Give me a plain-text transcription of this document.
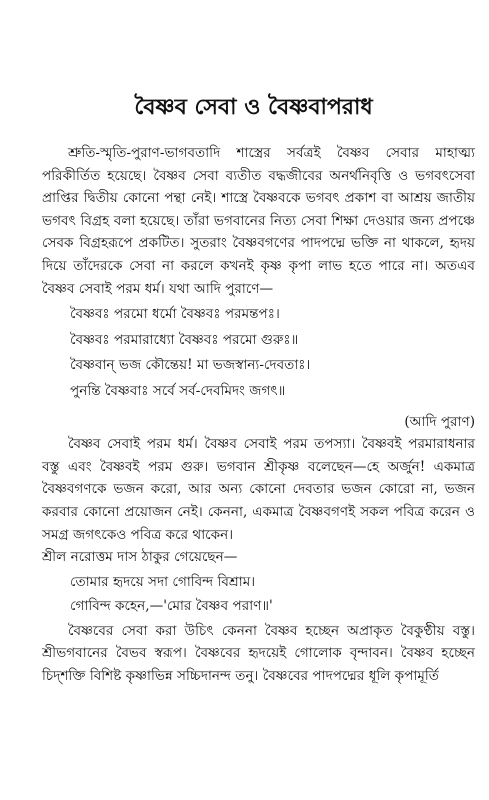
বৈষ্ণব সেবা ও বৈষ্ণবাপরাধ

শ্রুতি-স্মৃতি-পুরাণ-ভাগবতাদি শাস্ত্রের সর্বত্রই বৈষ্ণব সেবার মাহাত্ম্য পরিকীর্তিত হয়েছে। বৈষ্ণব সেবা ব্যতীত বদ্ধজীবের অনর্থনিবৃত্তি ও ভগবৎসেবা প্রাপ্তির দ্বিতীয় কোনো পন্থা নেই। শাস্ত্রে বৈষ্ণবকে ভগবৎ প্রকাশ বা আশ্রয় জাতীয় ভগবৎ বিগ্রহ বলা হয়েছে। তাঁরা ভগবানের নিত্য সেবা শিক্ষা দেওয়ার জন্য প্রপঞ্চে সেবক বিগ্রহরূপে প্রকটিত। সুতরাং বৈষ্ণবগণের পাদপদ্মে ভক্তি না থাকলে, হৃদয় দিয়ে তাঁদেরকে সেবা না করলে কখনই কৃষ্ণ কৃপা লাভ হতে পারে না। অতএব বৈষ্ণব সেবাই পরম ধর্ম। যথা আদি পুরাণে—

বৈষ্ণবঃ পরমো ধর্মো বৈষ্ণবঃ পরমন্তপঃ।
বৈষ্ণবঃ পরমারাধ্যো বৈষ্ণবঃ পরমো গুরুঃ॥
বৈষ্ণবান্ ভজ কৌন্তেয়! মা ভজস্বান্য-দেবতাঃ।
পুনন্তি বৈষ্ণবাঃ সর্বে সর্ব-দেবমিদং জগৎ॥

(আদি পুরাণ)

বৈষ্ণব সেবাই পরম ধর্ম। বৈষ্ণব সেবাই পরম তপস্যা। বৈষ্ণবই পরমারাধনার বস্তু এবং বৈষ্ণবই পরম গুরু। ভগবান শ্রীকৃষ্ণ বলেছেন—হে অর্জুন! একমাত্র বৈষ্ণবগণকে ভজন করো, আর অন্য কোনো দেবতার ভজন কোরো না, ভজন করবার কোনো প্রয়োজন নেই। কেননা, একমাত্র বৈষ্ণবগণই সকল পবিত্র করেন ও সমগ্র জগৎকেও পবিত্র করে থাকেন।

শ্রীল নরোত্তম দাস ঠাকুর গেয়েছেন—

তোমার হৃদয়ে সদা গোবিন্দ বিশ্রাম।
গোবিন্দ কহেন,—'মোর বৈষ্ণব পরাণ॥'

বৈষ্ণবের সেবা করা উচিৎ কেননা বৈষ্ণব হচ্ছেন অপ্রাকৃত বৈকুণ্ঠীয় বস্তু। শ্রীভগবানের বৈভব স্বরূপ। বৈষ্ণবের হৃদয়েই গোলোক বৃন্দাবন। বৈষ্ণব হচ্ছেন চিদ্শক্তি বিশিষ্ট কৃষ্ণাভিন্ন সচ্চিদানন্দ তনু। বৈষ্ণবের পাদপদ্মের ধূলি কৃপামূর্তি
